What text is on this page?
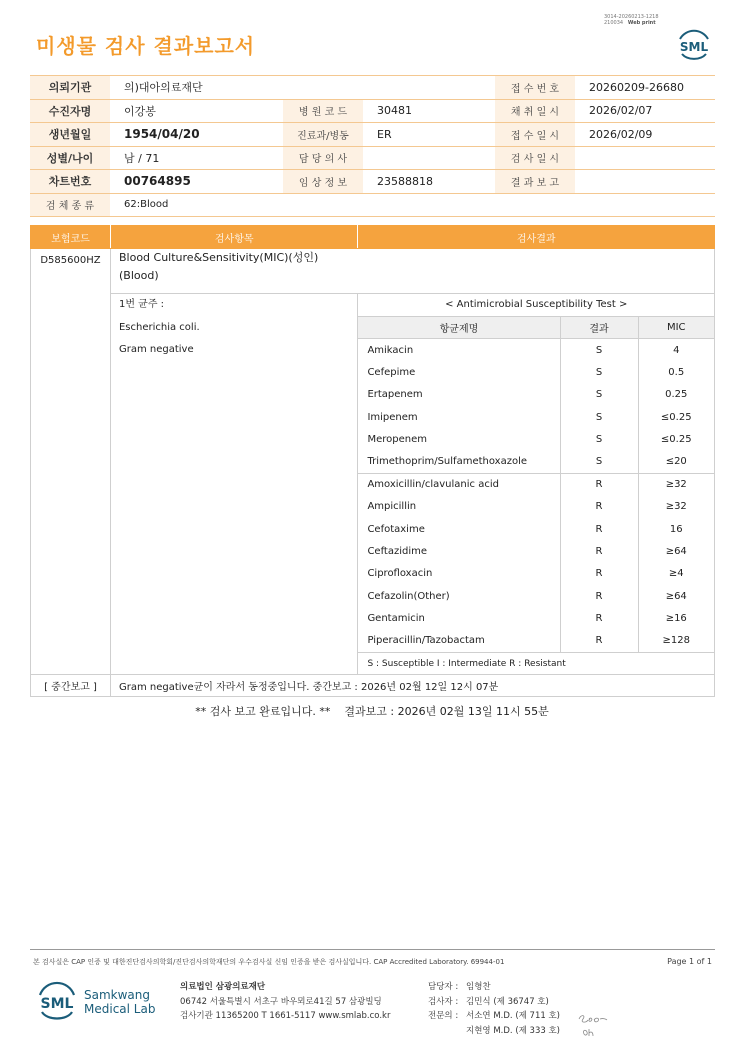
3014-20260213-1218
210034 Web print
미생물 검사 결과보고서	SML
의뢰기관	의)대아의료재단			접 수 번 호	20260209-26680
수진자명	이강봉	병 원 코 드	30481	채 취 일 시	2026/02/07
생년월일	1954/04/20	진료과/병동	ER	접 수 일 시	2026/02/09
성별/나이	남 / 71	담 당 의 사		검 사 일 시	
차트번호	00764895	임 상 정 보	23588818	결 과 보 고	
검 체 종 류	62:Blood				
보험코드	검사항목	검사결과
D585600HZ	Blood Culture&Sensitivity(MIC)(성인)
(Blood)

1번 균주 :
Escherichia coli.
Gram negative

< Antimicrobial Susceptibility Test >
항균제명	결과	MIC
Amikacin	S	4
Cefepime	S	0.5
Ertapenem	S	0.25
Imipenem	S	≤0.25
Meropenem	S	≤0.25
Trimethoprim/Sulfamethoxazole	S	≤20
Amoxicillin/clavulanic acid	R	≥32
Ampicillin	R	≥32
Cefotaxime	R	16
Ceftazidime	R	≥64
Ciprofloxacin	R	≥4
Cefazolin(Other)	R	≥64
Gentamicin	R	≥16
Piperacillin/Tazobactam	R	≥128
S : Susceptible I : Intermediate R : Resistant

[ 중간보고 ]	Gram negative균이 자라서 동정중입니다. 중간보고 : 2026년 02월 12일 12시 07분
** 검사 보고 완료입니다. ** 결과보고 : 2026년 02월 13일 11시 55분
본 검사실은 CAP 인증 및 대한진단검사의학회/진단검사의학재단의 우수검사실 신임 인증을 받은 검사실입니다. CAP Accredited Laboratory. 69944-01	Page 1 of 1
SML
Samkwang
Medical Lab
의료법인 삼광의료재단
06742 서울특별시 서초구 바우뫼로41길 57 삼광빌딩
검사기관 11365200 T 1661-5117 www.smlab.co.kr
담당자 : 임형찬
검사자 : 김민식 (제 36747 호)
전문의 : 서소연 M.D. (제 711 호)
지현영 M.D. (제 333 호)
